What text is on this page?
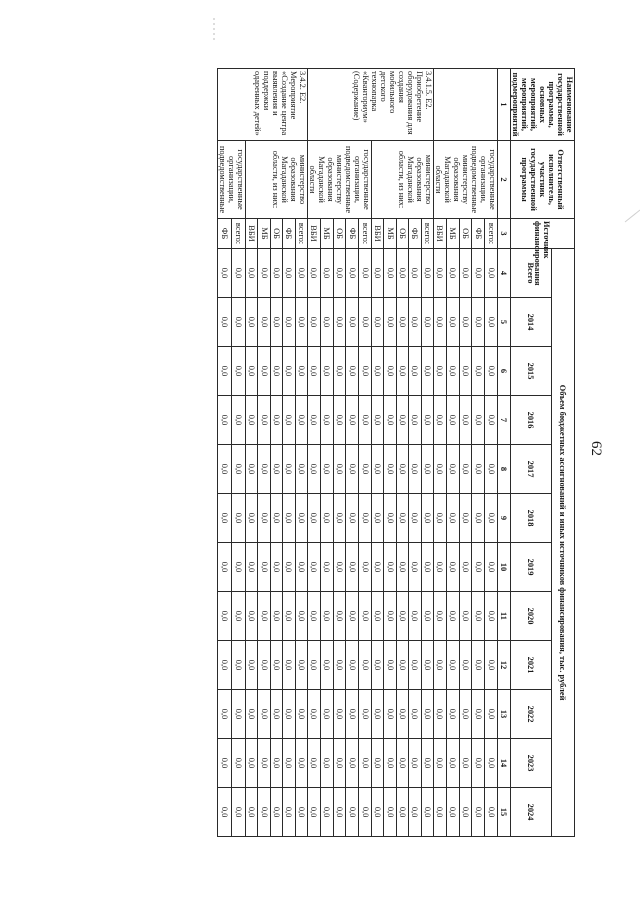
62
Наименование государственной программы, основных мероприятий, мероприятий, подмероприятий	Ответственный исполнитель, участник государственной программы	Источник финансирования	Объем бюджетных ассигнований и иных источников финансирования, тыс. рублей											
			Всего	2014	2015	2016	2017	2018	2019	2020	2021	2022	2023	2024
1	2	3	4	5	6	7	8	9	10	11	12	13	14	15
	государственные организации, подведомственные министерству образования Магаданской области	всего:	0,0	0,0	0,0	0,0	0,0	0,0	0,0	0,0	0,0	0,0	0,0	0,0
		ФБ	0,0	0,0	0,0	0,0	0,0	0,0	0,0	0,0	0,0	0,0	0,0	0,0
		ОБ	0,0	0,0	0,0	0,0	0,0	0,0	0,0	0,0	0,0	0,0	0,0	0,0
		МБ	0,0	0,0	0,0	0,0	0,0	0,0	0,0	0,0	0,0	0,0	0,0	0,0
		ВБИ	0,0	0,0	0,0	0,0	0,0	0,0	0,0	0,0	0,0	0,0	0,0	0,0
3.4.1.5. Е2. Приобретение оборудования для создания мобильного детского технопарка «Кванториум» (Содержание)	министерство образования Магаданской области, из них:	всего:	0,0	0,0	0,0	0,0	0,0	0,0	0,0	0,0	0,0	0,0	0,0	0,0
		ФБ	0,0	0,0	0,0	0,0	0,0	0,0	0,0	0,0	0,0	0,0	0,0	0,0
		ОБ	0,0	0,0	0,0	0,0	0,0	0,0	0,0	0,0	0,0	0,0	0,0	0,0
		МБ	0,0	0,0	0,0	0,0	0,0	0,0	0,0	0,0	0,0	0,0	0,0	0,0
		ВБИ	0,0	0,0	0,0	0,0	0,0	0,0	0,0	0,0	0,0	0,0	0,0	0,0
	государственные организации, подведомственные министерству образования Магаданской области	всего:	0,0	0,0	0,0	0,0	0,0	0,0	0,0	0,0	0,0	0,0	0,0	0,0
		ФБ	0,0	0,0	0,0	0,0	0,0	0,0	0,0	0,0	0,0	0,0	0,0	0,0
		ОБ	0,0	0,0	0,0	0,0	0,0	0,0	0,0	0,0	0,0	0,0	0,0	0,0
		МБ	0,0	0,0	0,0	0,0	0,0	0,0	0,0	0,0	0,0	0,0	0,0	0,0
		ВБИ	0,0	0,0	0,0	0,0	0,0	0,0	0,0	0,0	0,0	0,0	0,0	0,0
3.4.2. Е2. Мероприятие «Создание центра выявления и поддержки одаренных детей»	министерство образования Магаданской области, из них:	всего:	0,0	0,0	0,0	0,0	0,0	0,0	0,0	0,0	0,0	0,0	0,0	0,0
		ФБ	0,0	0,0	0,0	0,0	0,0	0,0	0,0	0,0	0,0	0,0	0,0	0,0
		ОБ	0,0	0,0	0,0	0,0	0,0	0,0	0,0	0,0	0,0	0,0	0,0	0,0
		МБ	0,0	0,0	0,0	0,0	0,0	0,0	0,0	0,0	0,0	0,0	0,0	0,0
		ВБИ	0,0	0,0	0,0	0,0	0,0	0,0	0,0	0,0	0,0	0,0	0,0	0,0
	государственные организации, подведомственные	всего:	0,0	0,0	0,0	0,0	0,0	0,0	0,0	0,0	0,0	0,0	0,0	0,0
		ФБ	0,0	0,0	0,0	0,0	0,0	0,0	0,0	0,0	0,0	0,0	0,0	0,0
